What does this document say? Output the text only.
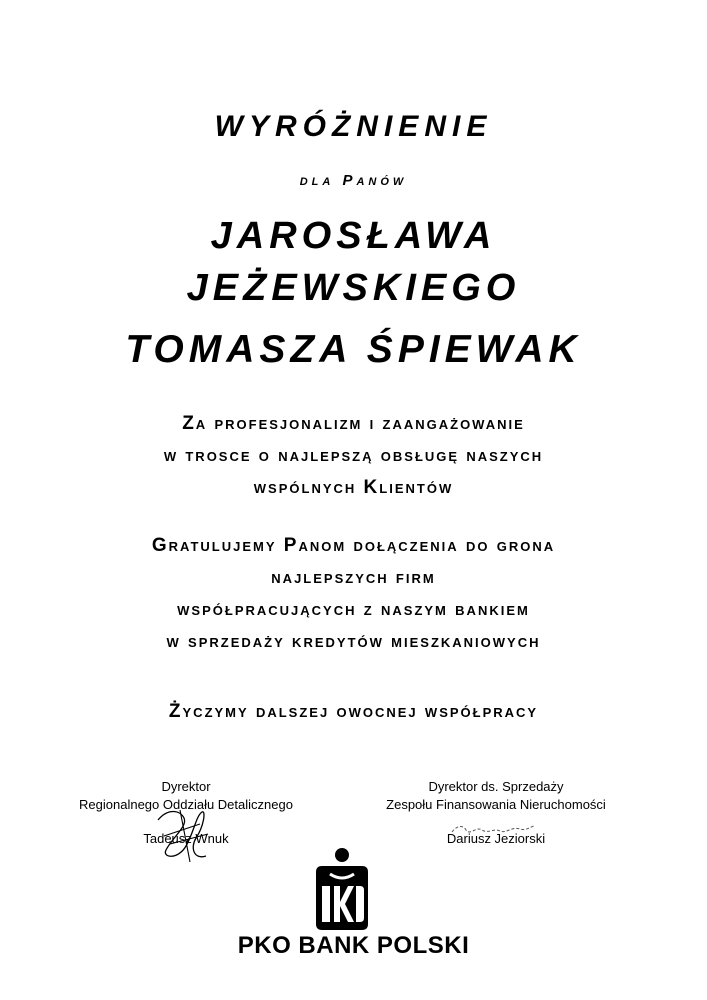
WYRÓŻNIENIE
dla Panów
JAROSŁAWA
JEŻEWSKIEGO
TOMASZA ŚPIEWAK
Za profesjonalizm i zaangażowanie
w trosce o najlepszą obsługę naszych
wspólnych Klientów
Gratulujemy Panom dołączenia do grona
najlepszych firm
współpracujących z naszym bankiem
w sprzedaży kredytów mieszkaniowych
Życzymy dalszej owocnej współpracy
Dyrektor
Regionalnego Oddziału Detalicznego
Tadeusz Wnuk
Dyrektor ds. Sprzedaży
Zespołu Finansowania Nieruchomości
Dariusz Jeziorski
PKO BANK POLSKI
